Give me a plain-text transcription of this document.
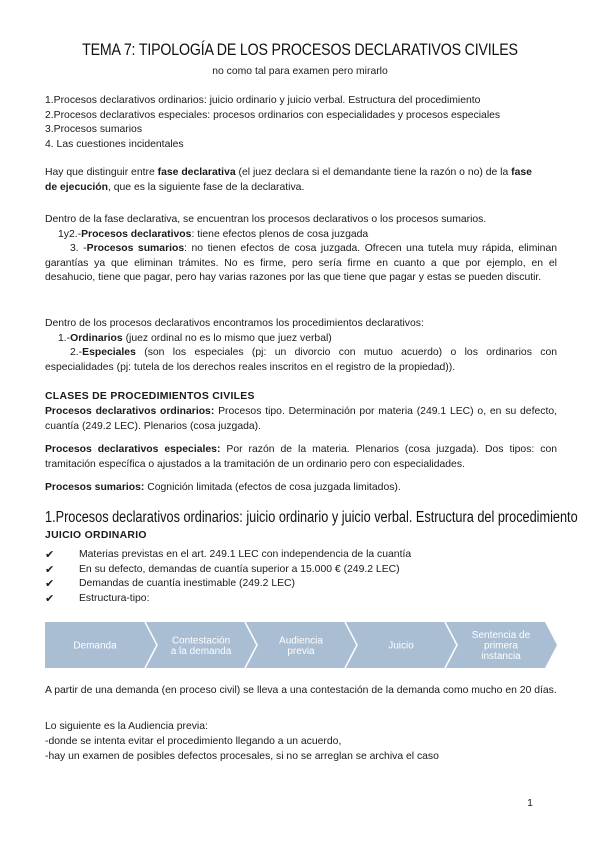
TEMA 7: TIPOLOGÍA DE LOS PROCESOS DECLARATIVOS CIVILES
no como tal para examen pero mirarlo

1.Procesos declarativos ordinarios: juicio ordinario y juicio verbal. Estructura del procedimiento

2.Procesos declarativos especiales: procesos ordinarios con especialidades y procesos especiales

3.Procesos sumarios

4. Las cuestiones incidentales

Hay que distinguir entre fase declarativa (el juez declara si el demandante tiene la razón o no) de la fase de ejecución, que es la siguiente fase de la declarativa.

Dentro de la fase declarativa, se encuentran los procesos declarativos o los procesos sumarios.

1y2.-Procesos declarativos: tiene efectos plenos de cosa juzgada

3. -Procesos sumarios: no tienen efectos de cosa juzgada. Ofrecen una tutela muy rápida, eliminan garantías ya que eliminan trámites. No es firme, pero sería firme en cuanto a que por ejemplo, en el desahucio, tiene que pagar, pero hay varias razones por las que tiene que pagar y estas se pueden discutir.

Dentro de los procesos declarativos encontramos los procedimientos declarativos:

1.-Ordinarios (juez ordinal no es lo mismo que juez verbal)

2.-Especiales (son los especiales (pj: un divorcio con mutuo acuerdo) o los ordinarios con especialidades (pj: tutela de los derechos reales inscritos en el registro de la propiedad)).

CLASES DE PROCEDIMIENTOS CIVILES
Procesos declarativos ordinarios: Procesos tipo. Determinación por materia (249.1 LEC) o, en su defecto, cuantía (249.2 LEC). Plenarios (cosa juzgada).
Procesos declarativos especiales: Por razón de la materia. Plenarios (cosa juzgada). Dos tipos: con tramitación específica o ajustados a la tramitación de un ordinario pero con especialidades.
Procesos sumarios: Cognición limitada (efectos de cosa juzgada limitados).
1.Procesos declarativos ordinarios: juicio ordinario y juicio verbal. Estructura del procedimiento
JUICIO ORDINARIO
✔	Materias previstas en el art. 249.1 LEC con independencia de la cuantía
✔	En su defecto, demandas de cuantía superior a 15.000 € (249.2 LEC)
✔	Demandas de cuantía inestimable (249.2 LEC)
✔	Estructura-tipo:
Demanda	Contestación a la demanda
Audiencia previa	Juicio
Sentencia de primera instancia
A partir de una demanda (en proceso civil) se lleva a una contestación de la demanda como mucho en 20 días.
Lo siguiente es la Audiencia previa:
-donde se intenta evitar el procedimiento llegando a un acuerdo,
-hay un examen de posibles defectos procesales, si no se arreglan se archiva el caso
1
